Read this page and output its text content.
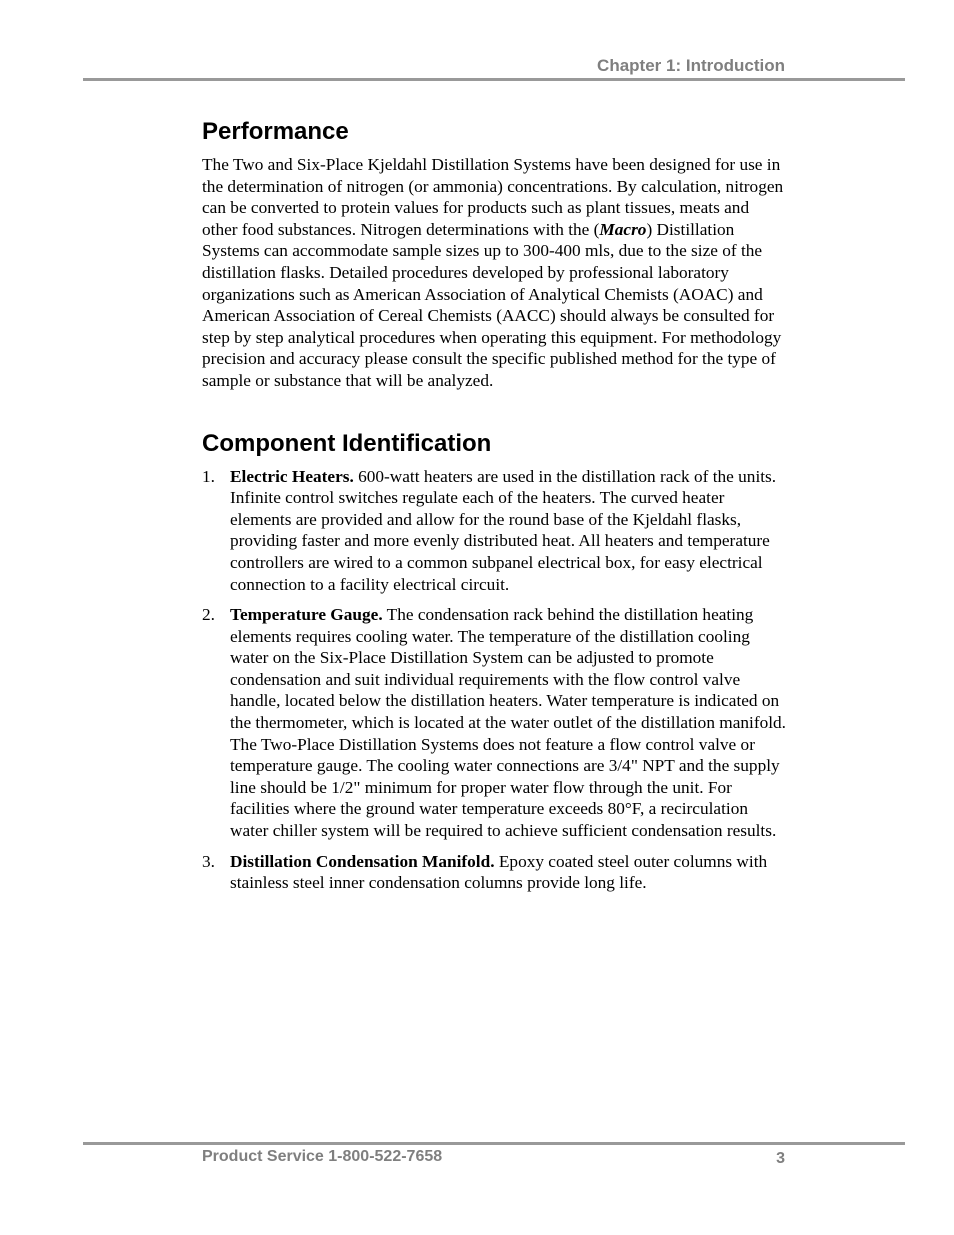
Chapter 1: Introduction
Performance

The Two and Six-Place Kjeldahl Distillation Systems have been designed for use in the determination of nitrogen (or ammonia) concentrations. By calculation, nitrogen can be converted to protein values for products such as plant tissues, meats and other food substances. Nitrogen determinations with the (Macro) Distillation Systems can accommodate sample sizes up to 300-400 mls, due to the size of the distillation flasks. Detailed procedures developed by professional laboratory organizations such as American Association of Analytical Chemists (AOAC) and American Association of Cereal Chemists (AACC) should always be consulted for step by step analytical procedures when operating this equipment. For methodology precision and accuracy please consult the specific published method for the type of sample or substance that will be analyzed.

Component Identification
1. Electric Heaters. 600-watt heaters are used in the distillation rack of the units. Infinite control switches regulate each of the heaters. The curved heater elements are provided and allow for the round base of the Kjeldahl flasks, providing faster and more evenly distributed heat. All heaters and temperature controllers are wired to a common subpanel electrical box, for easy electrical connection to a facility electrical circuit.
2. Temperature Gauge. The condensation rack behind the distillation heating elements requires cooling water. The temperature of the distillation cooling water on the Six-Place Distillation System can be adjusted to promote condensation and suit individual requirements with the flow control valve handle, located below the distillation heaters. Water temperature is indicated on the thermometer, which is located at the water outlet of the distillation manifold. The Two-Place Distillation Systems does not feature a flow control valve or temperature gauge. The cooling water connections are 3/4" NPT and the supply line should be 1/2" minimum for proper water flow through the unit. For facilities where the ground water temperature exceeds 80°F, a recirculation water chiller system will be required to achieve sufficient condensation results.
3. Distillation Condensation Manifold. Epoxy coated steel outer columns with stainless steel inner condensation columns provide long life.
Product Service 1-800-522-7658	3
